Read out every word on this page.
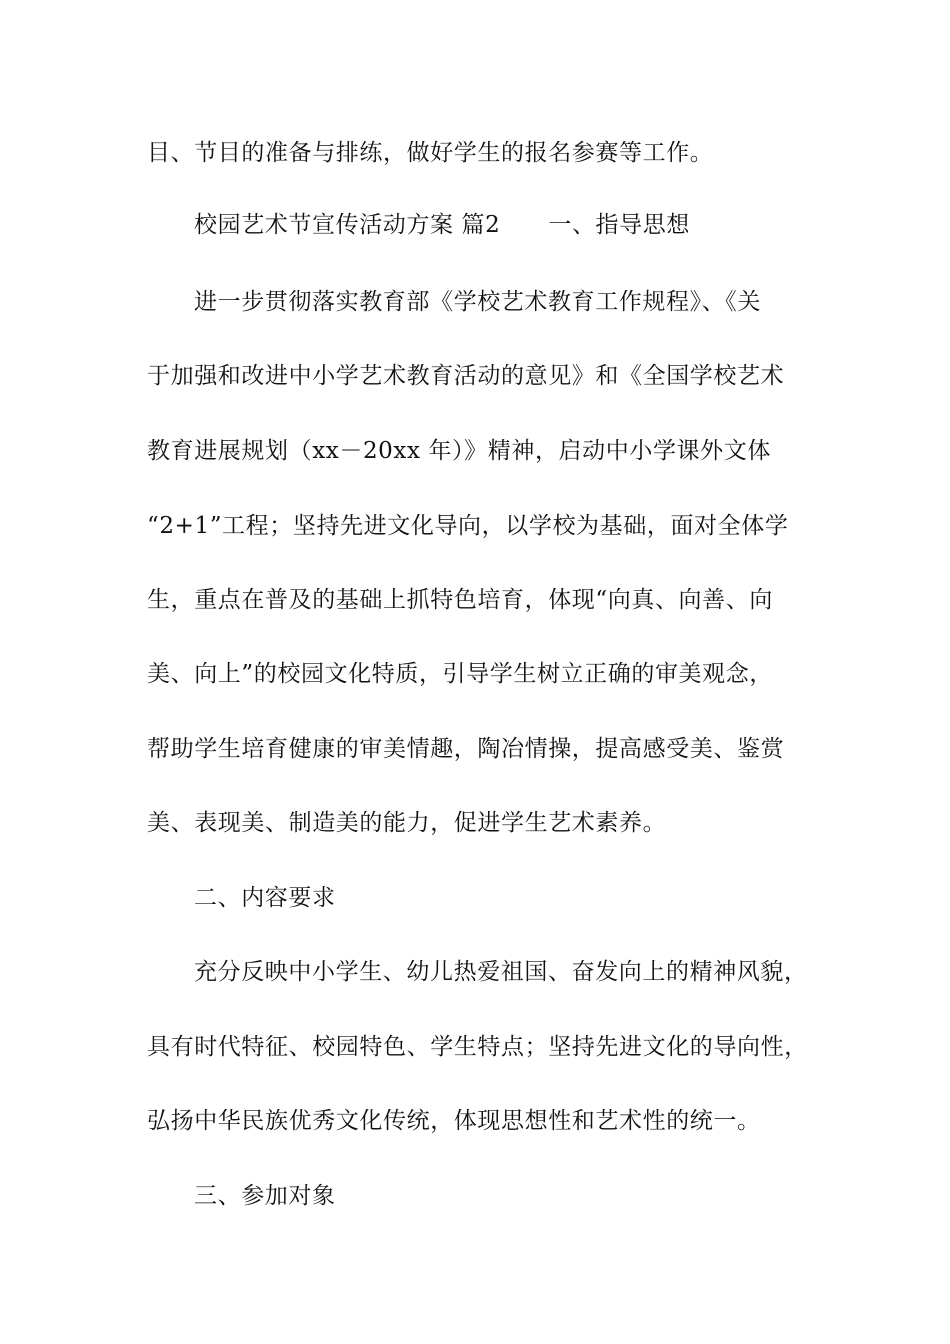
目、节目的准备与排练，做好学生的报名参赛等工作。
校园艺术节宣传活动方案 篇2 一、指导思想
进一步贯彻落实教育部《学校艺术教育工作规程》、《关
于加强和改进中小学艺术教育活动的意见》和《全国学校艺术
教育进展规划（xx－20xx 年）》精神，启动中小学课外文体
“2+1”工程；坚持先进文化导向，以学校为基础，面对全体学
生，重点在普及的基础上抓特色培育，体现“向真、向善、向
美、向上”的校园文化特质，引导学生树立正确的审美观念，
帮助学生培育健康的审美情趣，陶冶情操，提高感受美、鉴赏
美、表现美、制造美的能力，促进学生艺术素养。
二、内容要求
充分反映中小学生、幼儿热爱祖国、奋发向上的精神风貌，
具有时代特征、校园特色、学生特点；坚持先进文化的导向性，
弘扬中华民族优秀文化传统，体现思想性和艺术性的统一。
三、参加对象
